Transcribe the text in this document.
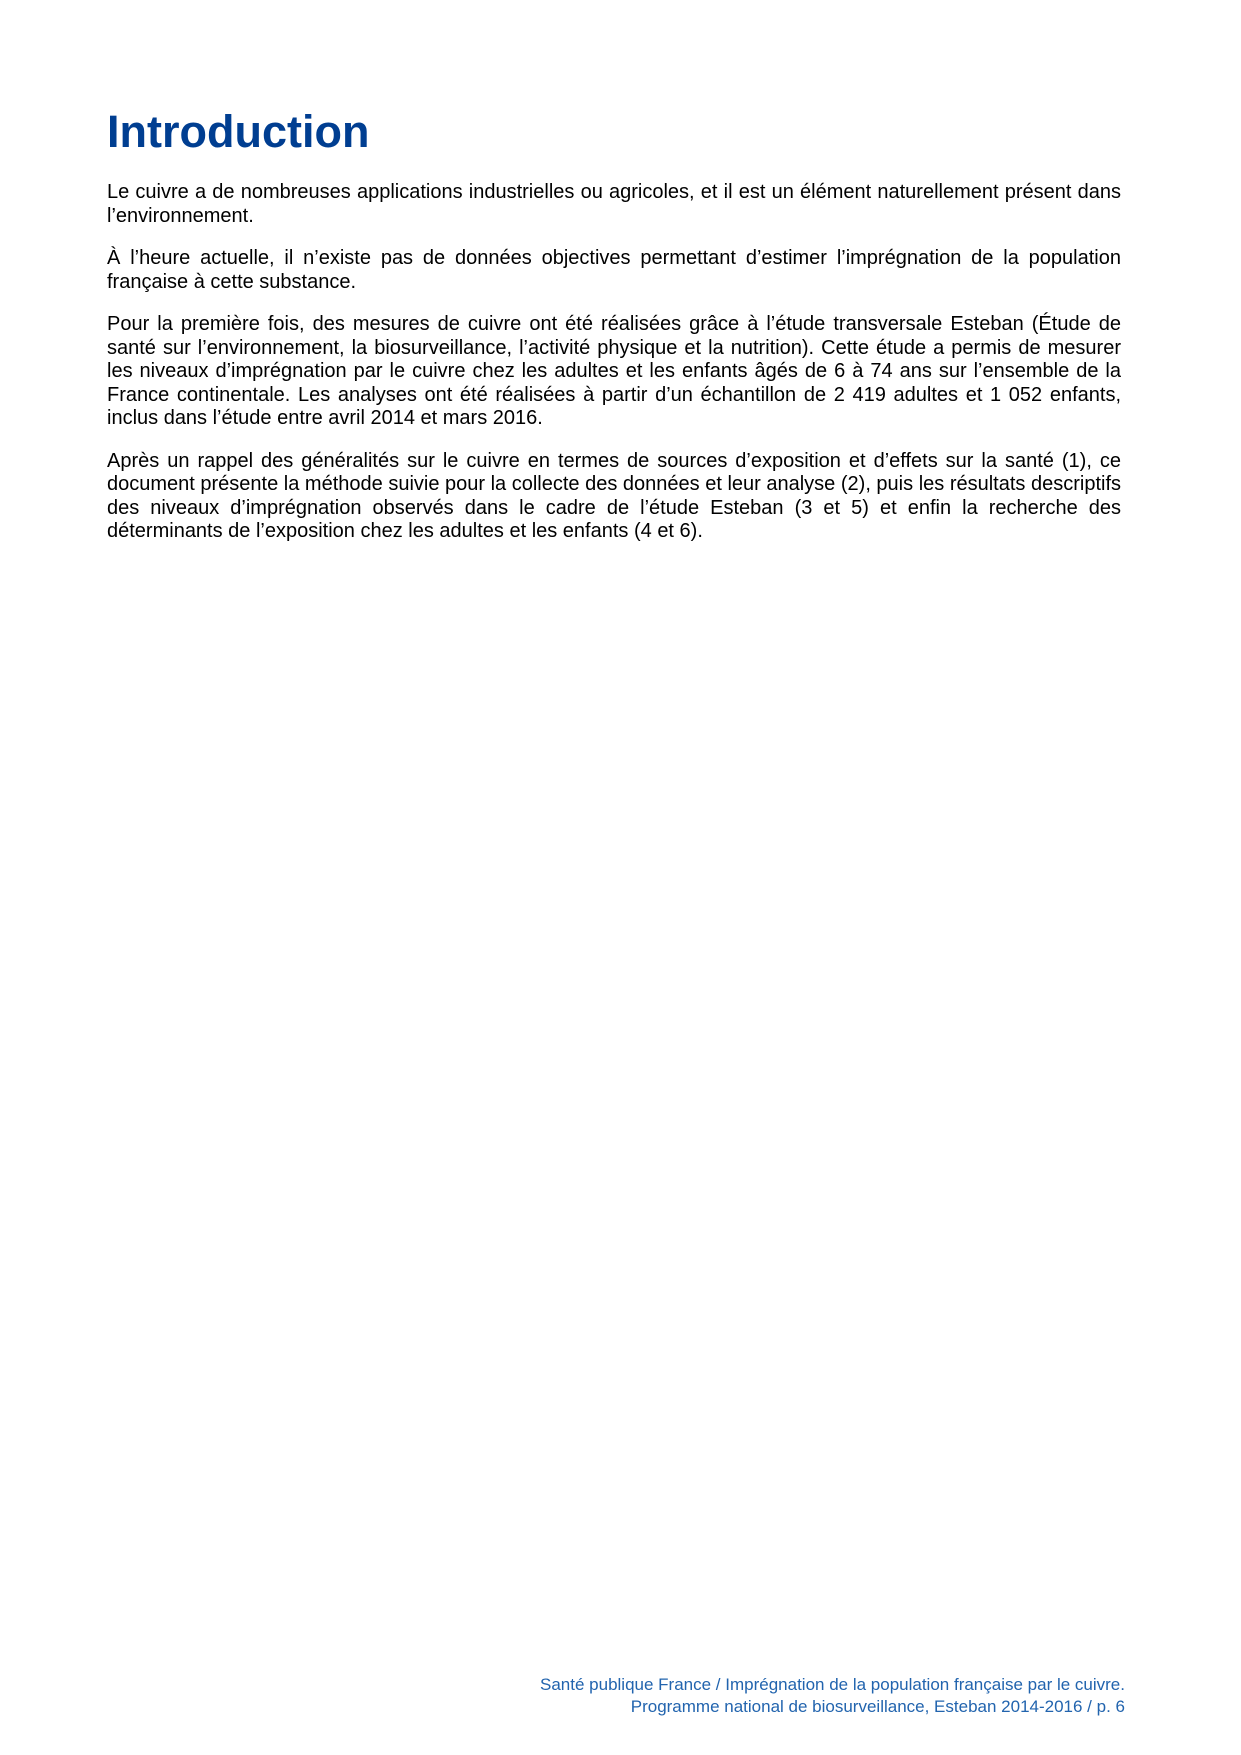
Introduction

Le cuivre a de nombreuses applications industrielles ou agricoles, et il est un élément naturellement présent dans l’environnement.

À l’heure actuelle, il n’existe pas de données objectives permettant d’estimer l’imprégnation de la population française à cette substance.

Pour la première fois, des mesures de cuivre ont été réalisées grâce à l’étude transversale Esteban (Étude de santé sur l’environnement, la biosurveillance, l’activité physique et la nutrition). Cette étude a permis de mesurer les niveaux d’imprégnation par le cuivre chez les adultes et les enfants âgés de 6 à 74 ans sur l’ensemble de la France continentale. Les analyses ont été réalisées à partir d’un échantillon de 2 419 adultes et 1 052 enfants, inclus dans l’étude entre avril 2014 et mars 2016.

Après un rappel des généralités sur le cuivre en termes de sources d’exposition et d’effets sur la santé (1), ce document présente la méthode suivie pour la collecte des données et leur analyse (2), puis les résultats descriptifs des niveaux d’imprégnation observés dans le cadre de l’étude Esteban (3 et 5) et enfin la recherche des déterminants de l’exposition chez les adultes et les enfants (4 et 6).

Santé publique France / Imprégnation de la population française par le cuivre.
Programme national de biosurveillance, Esteban 2014-2016 / p. 6
